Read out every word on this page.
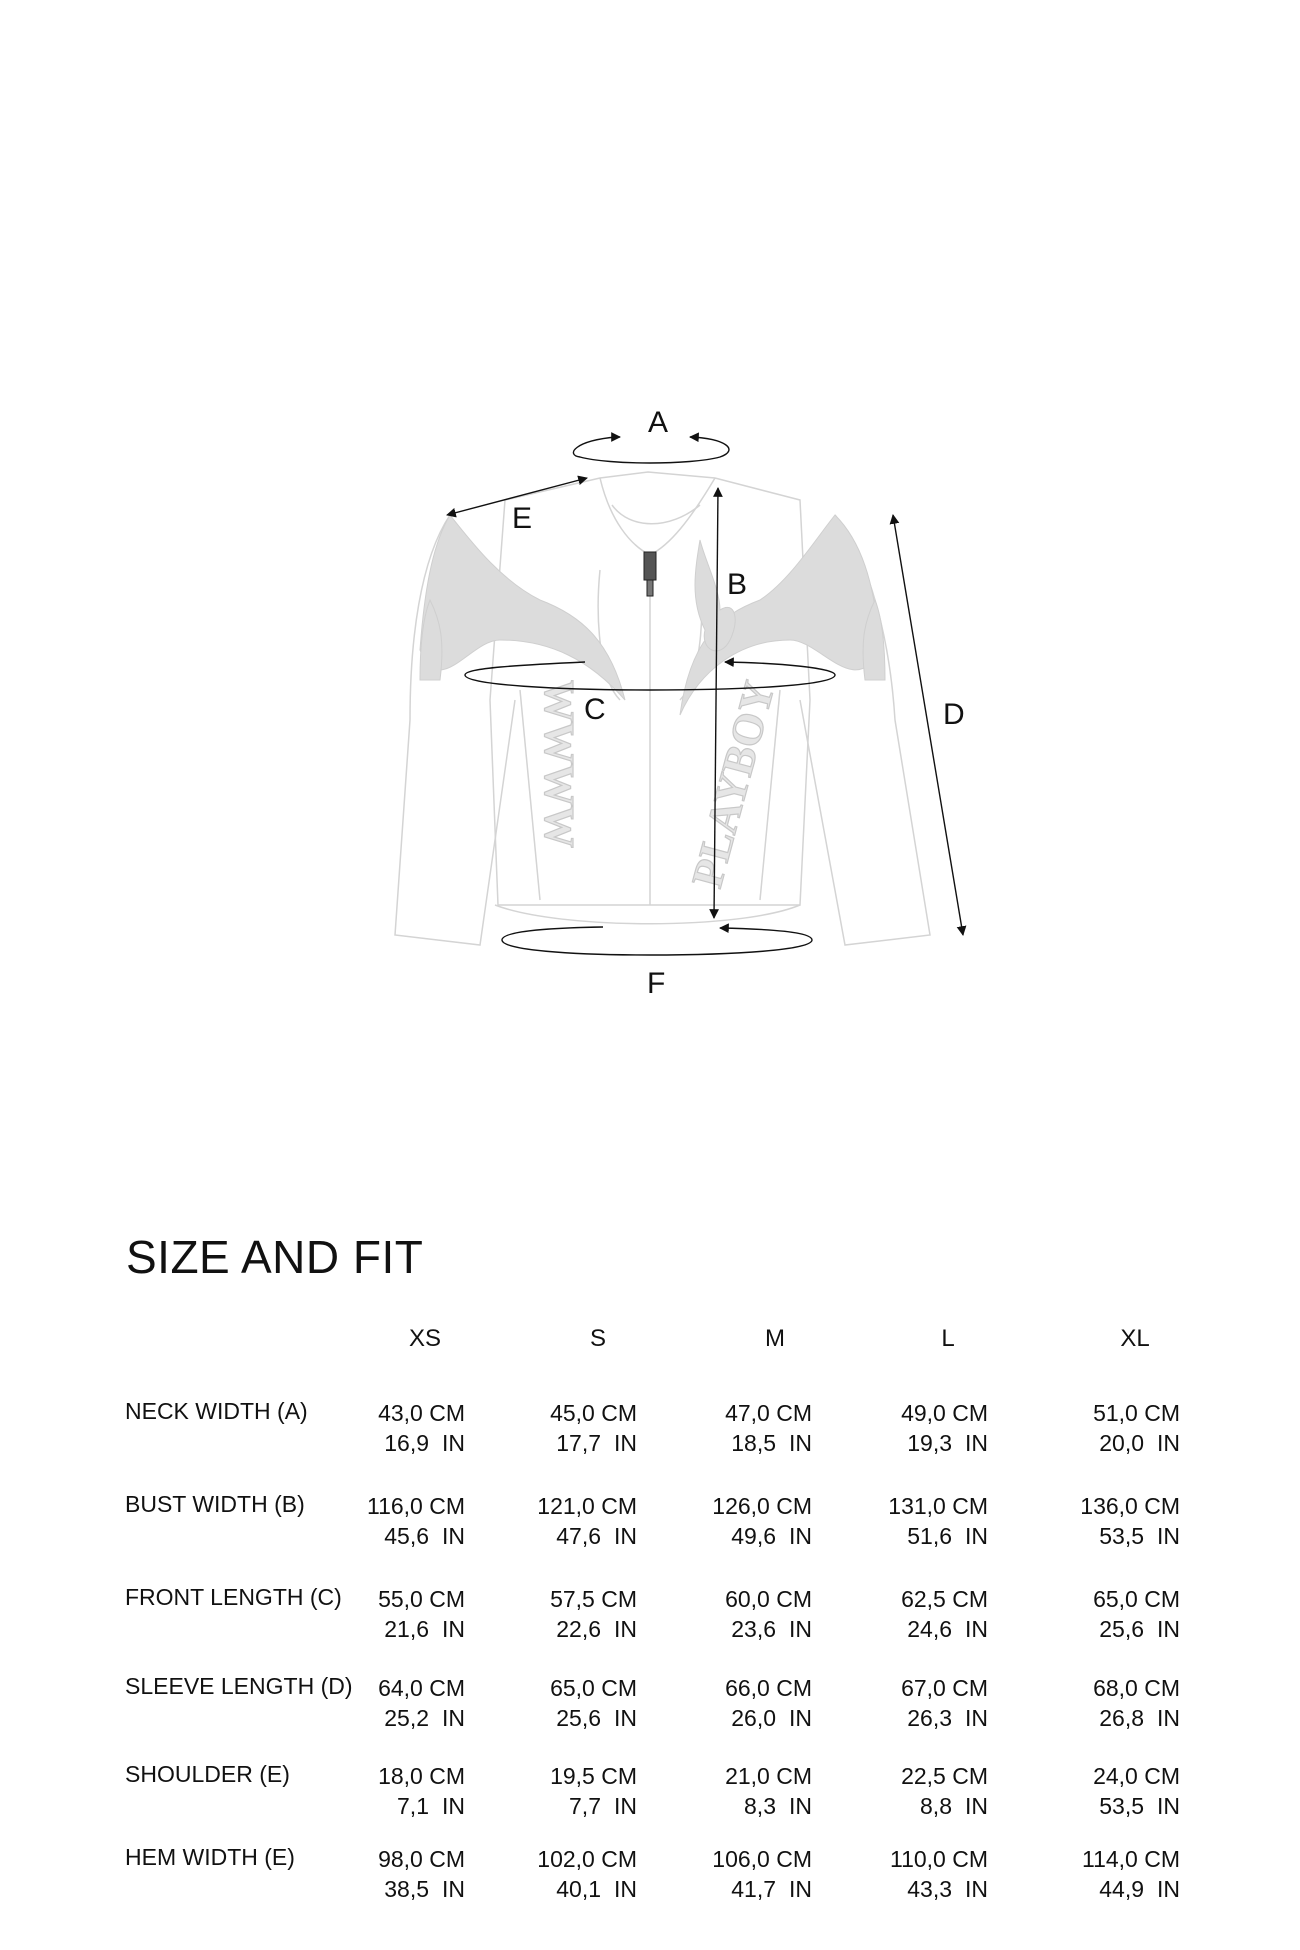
WWWW PLAYBOY
A
E
B
C	D
F
SIZE AND FIT
XS	S	M	L	XL
NECK WIDTH (A)	43,0 CM
16,9 IN
45,0 CM
17,7 IN
47,0 CM
18,5 IN
49,0 CM
19,3 IN
51,0 CM
20,0 IN
BUST WIDTH (B)	116,0 CM
45,6 IN
121,0 CM
47,6 IN
126,0 CM
49,6 IN
131,0 CM
51,6 IN
136,0 CM
53,5 IN
FRONT LENGTH (C)	55,0 CM
21,6 IN
57,5 CM
22,6 IN
60,0 CM
23,6 IN
62,5 CM
24,6 IN
65,0 CM
25,6 IN
SLEEVE LENGTH (D)	64,0 CM
25,2 IN
65,0 CM
25,6 IN
66,0 CM
26,0 IN
67,0 CM
26,3 IN
68,0 CM
26,8 IN
SHOULDER (E)	18,0 CM
7,1 IN
19,5 CM
7,7 IN
21,0 CM
8,3 IN
22,5 CM
8,8 IN
24,0 CM
53,5 IN
HEM WIDTH (E)	98,0 CM
38,5 IN
102,0 CM
40,1 IN
106,0 CM
41,7 IN
110,0 CM
43,3 IN
114,0 CM
44,9 IN
